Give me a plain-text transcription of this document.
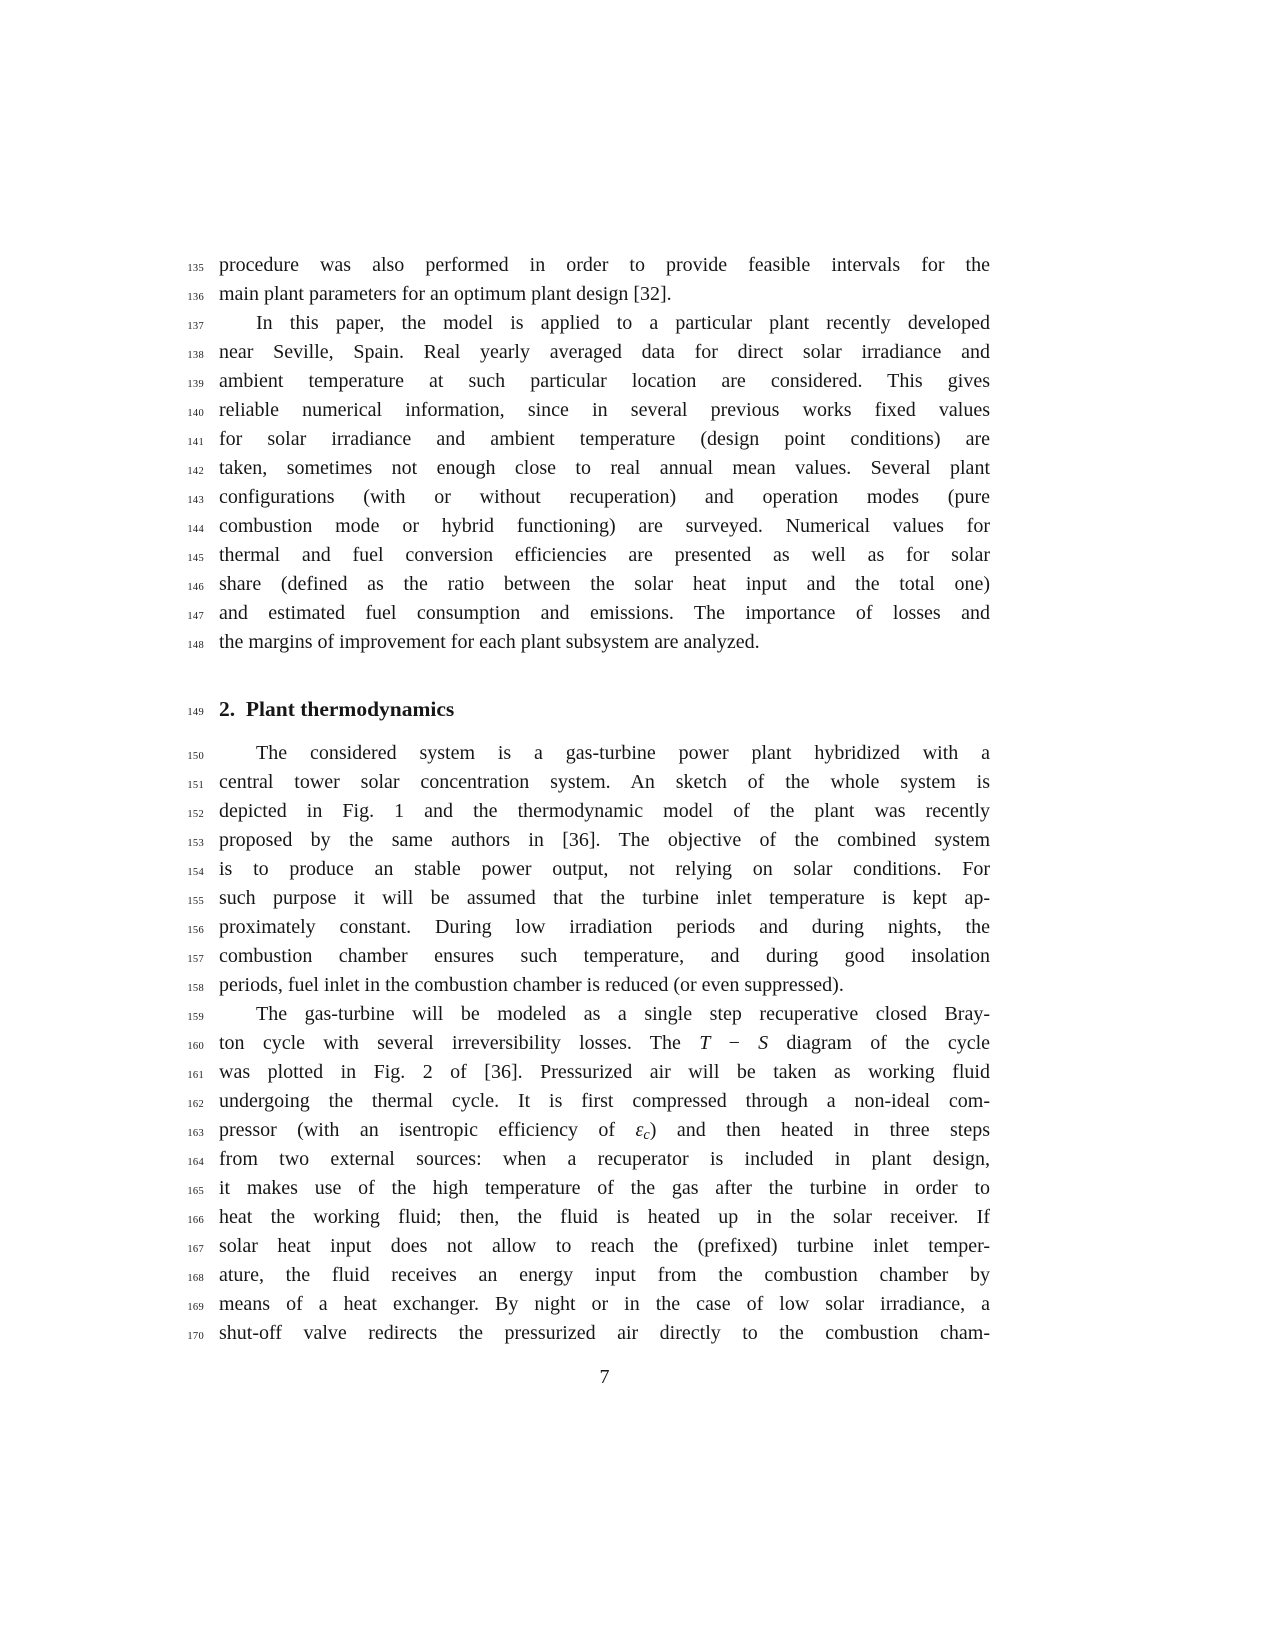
135 procedure was also performed in order to provide feasible intervals for the
136 main plant parameters for an optimum plant design [32].
137	In this paper, the model is applied to a particular plant recently developed
138 near Seville, Spain. Real yearly averaged data for direct solar irradiance and
139 ambient temperature at such particular location are considered. This gives
140 reliable numerical information, since in several previous works fixed values
141 for solar irradiance and ambient temperature (design point conditions) are
142 taken, sometimes not enough close to real annual mean values. Several plant
143 configurations (with or without recuperation) and operation modes (pure
144 combustion mode or hybrid functioning) are surveyed. Numerical values for
145 thermal and fuel conversion efficiencies are presented as well as for solar
146 share (defined as the ratio between the solar heat input and the total one)
147 and estimated fuel consumption and emissions. The importance of losses and
148 the margins of improvement for each plant subsystem are analyzed.
149 2.  Plant thermodynamics
150	The considered system is a gas-turbine power plant hybridized with a
151 central tower solar concentration system. An sketch of the whole system is
152 depicted in Fig. 1 and the thermodynamic model of the plant was recently
153 proposed by the same authors in [36]. The objective of the combined system
154 is to produce an stable power output, not relying on solar conditions. For
155 such purpose it will be assumed that the turbine inlet temperature is kept ap-
156 proximately constant. During low irradiation periods and during nights, the
157 combustion chamber ensures such temperature, and during good insolation
158 periods, fuel inlet in the combustion chamber is reduced (or even suppressed).
159	The gas-turbine will be modeled as a single step recuperative closed Bray-
160 ton cycle with several irreversibility losses. The T − S diagram of the cycle
161 was plotted in Fig. 2 of [36]. Pressurized air will be taken as working fluid
162 undergoing the thermal cycle. It is first compressed through a non-ideal com-
163 pressor (with an isentropic efficiency of εc) and then heated in three steps
164 from two external sources: when a recuperator is included in plant design,
165 it makes use of the high temperature of the gas after the turbine in order to
166 heat the working fluid; then, the fluid is heated up in the solar receiver. If
167 solar heat input does not allow to reach the (prefixed) turbine inlet temper-
168 ature, the fluid receives an energy input from the combustion chamber by
169 means of a heat exchanger. By night or in the case of low solar irradiance, a
170 shut-off valve redirects the pressurized air directly to the combustion cham-
7
